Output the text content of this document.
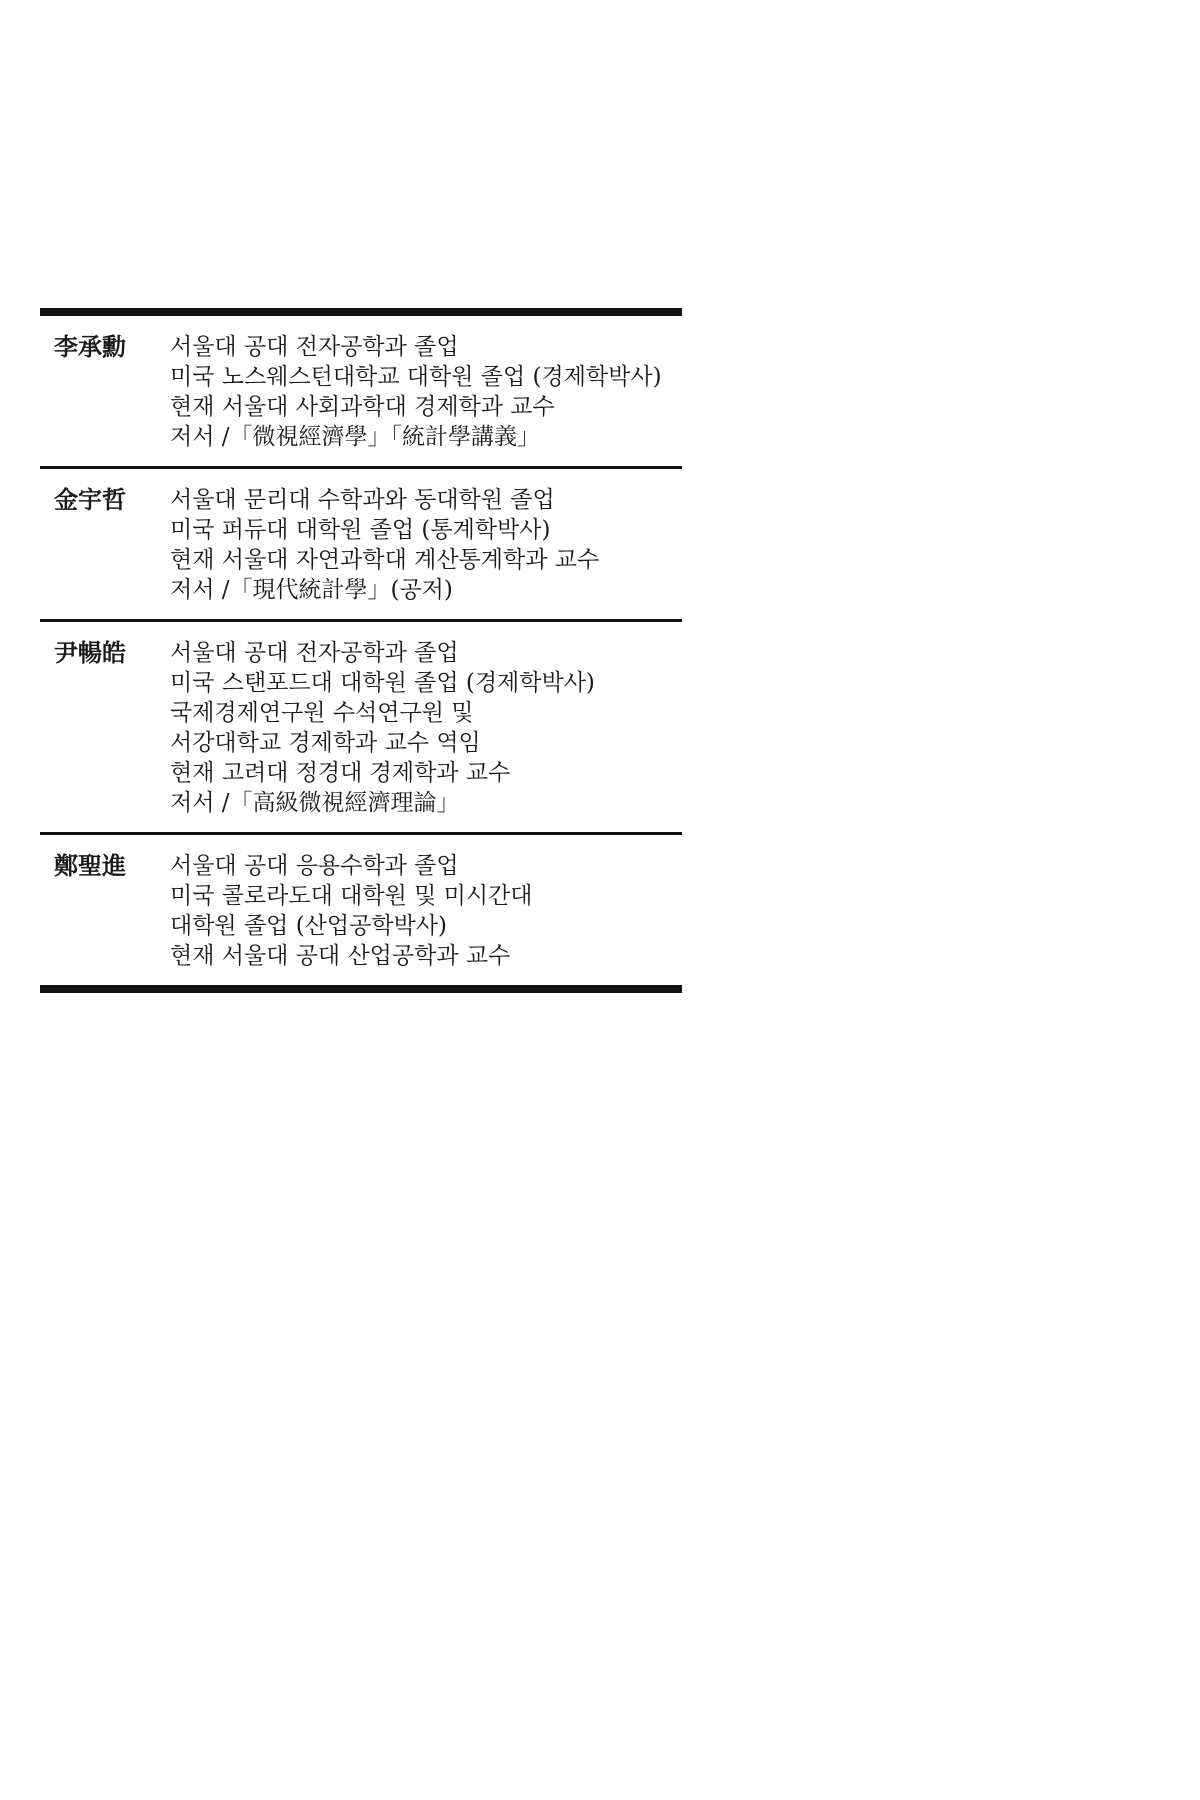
李承勳	서울대 공대 전자공학과 졸업
미국 노스웨스턴대학교 대학원 졸업 (경제학박사)
현재 서울대 사회과학대 경제학과 교수
저서 /「微視經濟學」「統計學講義」
金宇哲	서울대 문리대 수학과와 동대학원 졸업
미국 퍼듀대 대학원 졸업 (통계학박사)
현재 서울대 자연과학대 계산통계학과 교수
저서 /「現代統計學」(공저)
尹暢皓	서울대 공대 전자공학과 졸업
미국 스탠포드대 대학원 졸업 (경제학박사)
국제경제연구원 수석연구원 및
서강대학교 경제학과 교수 역임
현재 고려대 정경대 경제학과 교수
저서 /「高級微視經濟理論」
鄭聖進	서울대 공대 응용수학과 졸업
미국 콜로라도대 대학원 및 미시간대
대학원 졸업 (산업공학박사)
현재 서울대 공대 산업공학과 교수
